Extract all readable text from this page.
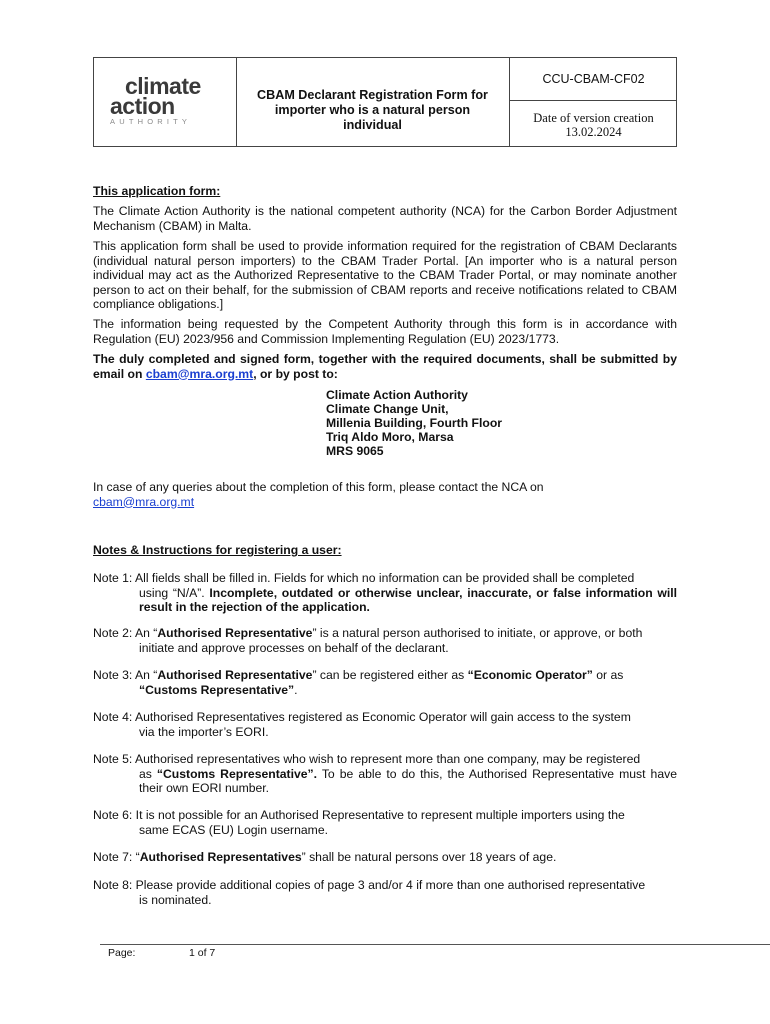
climate
action
AUTHORITY
CBAM Declarant Registration Form for importer who is a natural person individual
CCU-CBAM-CF02
Date of version creation
13.02.2024
This application form:
The Climate Action Authority is the national competent authority (NCA) for the Carbon Border Adjustment Mechanism (CBAM) in Malta.
This application form shall be used to provide information required for the registration of CBAM Declarants (individual natural person importers) to the CBAM Trader Portal. [An importer who is a natural person individual may act as the Authorized Representative to the CBAM Trader Portal, or may nominate another person to act on their behalf, for the submission of CBAM reports and receive notifications related to CBAM compliance obligations.]
The information being requested by the Competent Authority through this form is in accordance with Regulation (EU) 2023/956 and Commission Implementing Regulation (EU) 2023/1773.
The duly completed and signed form, together with the required documents, shall be submitted by email on cbam@mra.org.mt, or by post to:
Climate Action Authority
Climate Change Unit,
Millenia Building, Fourth Floor
Triq Aldo Moro, Marsa
MRS 9065
In case of any queries about the completion of this form, please contact the NCA on
cbam@mra.org.mt
Notes & Instructions for registering a user:
Note 1: All fields shall be filled in. Fields for which no information can be provided shall be completed
using “N/A”. Incomplete, outdated or otherwise unclear, inaccurate, or false information will result in the rejection of the application.
Note 2: An “Authorised Representative” is a natural person authorised to initiate, or approve, or both
initiate and approve processes on behalf of the declarant.
Note 3: An “Authorised Representative” can be registered either as “Economic Operator” or as
“Customs Representative”.
Note 4: Authorised Representatives registered as Economic Operator will gain access to the system
via the importer’s EORI.
Note 5: Authorised representatives who wish to represent more than one company, may be registered
as “Customs Representative”. To be able to do this, the Authorised Representative must have their own EORI number.
Note 6: It is not possible for an Authorised Representative to represent multiple importers using the
same ECAS (EU) Login username.
Note 7: “Authorised Representatives” shall be natural persons over 18 years of age.
Note 8: Please provide additional copies of page 3 and/or 4 if more than one authorised representative
is nominated.
Page:	1 of 7
